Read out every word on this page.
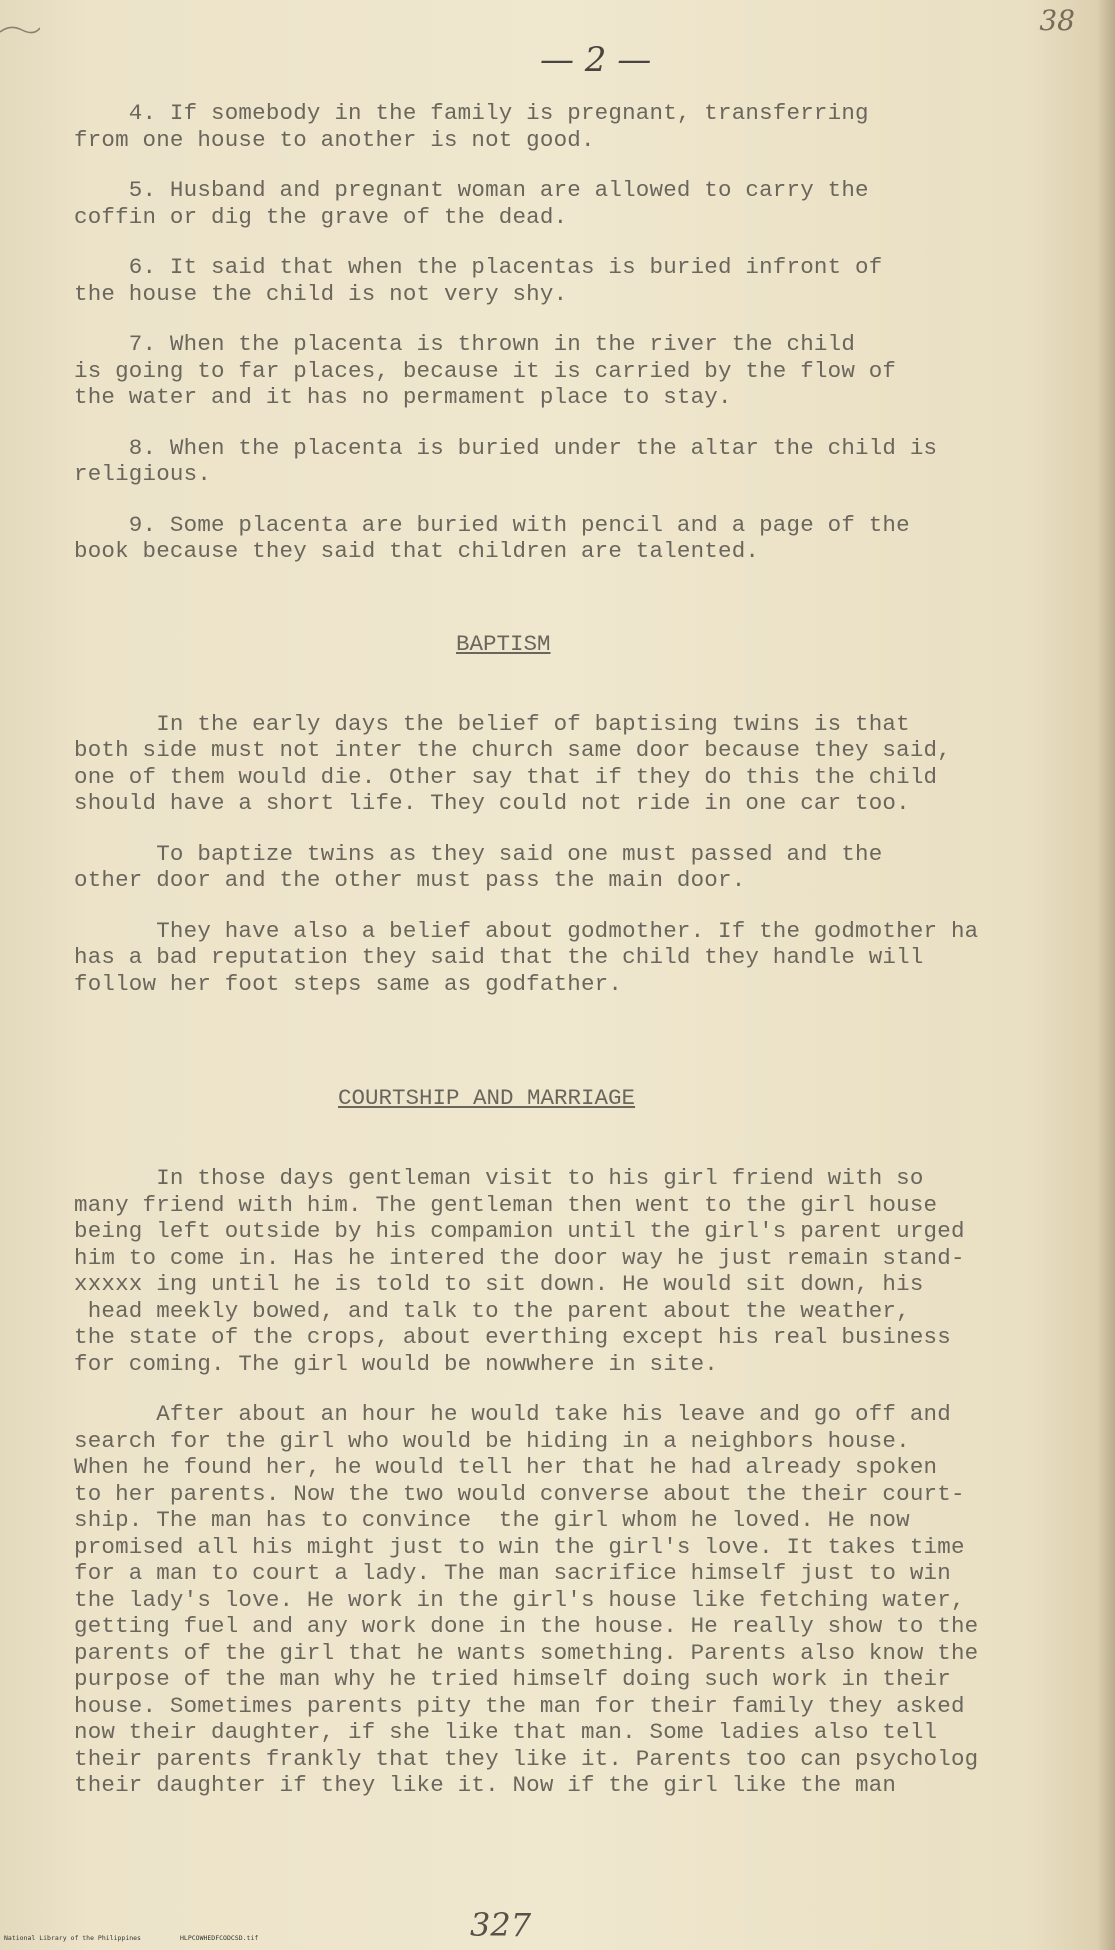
38
— 2 —

4. If somebody in the family is pregnant, transferring
from one house to another is not good.

5. Husband and pregnant woman are allowed to carry the
coffin or dig the grave of the dead.

6. It said that when the placentas is buried infront of
the house the child is not very shy.

7. When the placenta is thrown in the river the child
is going to far places, because it is carried by the flow of
the water and it has no permament place to stay.

8. When the placenta is buried under the altar the child is
religious.

9. Some placenta are buried with pencil and a page of the
book because they said that children are talented.

BAPTISM

In the early days the belief of baptising twins is that
both side must not inter the church same door because they said,
one of them would die. Other say that if they do this the child
should have a short life. They could not ride in one car too.

To baptize twins as they said one must passed and the
other door and the other must pass the main door.

They have also a belief about godmother. If the godmother ha
has a bad reputation they said that the child they handle will
follow her foot steps same as godfather.

COURTSHIP AND MARRIAGE

In those days gentleman visit to his girl friend with so
many friend with him. The gentleman then went to the girl house
being left outside by his compamion until the girl's parent urged
him to come in. Has he intered the door way he just remain stand-
xxxxx ing until he is told to sit down. He would sit down, his
head meekly bowed, and talk to the parent about the weather,
the state of the crops, about everthing except his real business
for coming. The girl would be nowwhere in site.

After about an hour he would take his leave and go off and
search for the girl who would be hiding in a neighbors house.
When he found her, he would tell her that he had already spoken
to her parents. Now the two would converse about the their court-
ship. The man has to convince  the girl whom he loved. He now
promised all his might just to win the girl's love. It takes time
for a man to court a lady. The man sacrifice himself just to win
the lady's love. He work in the girl's house like fetching water,
getting fuel and any work done in the house. He really show to the
parents of the girl that he wants something. Parents also know the
purpose of the man why he tried himself doing such work in their
house. Sometimes parents pity the man for their family they asked
now their daughter, if she like that man. Some ladies also tell
their parents frankly that they like it. Parents too can psycholog
their daughter if they like it. Now if the girl like the man

National Library of the Philippines	HLPCOWHEDFCODCSD.tif	327
